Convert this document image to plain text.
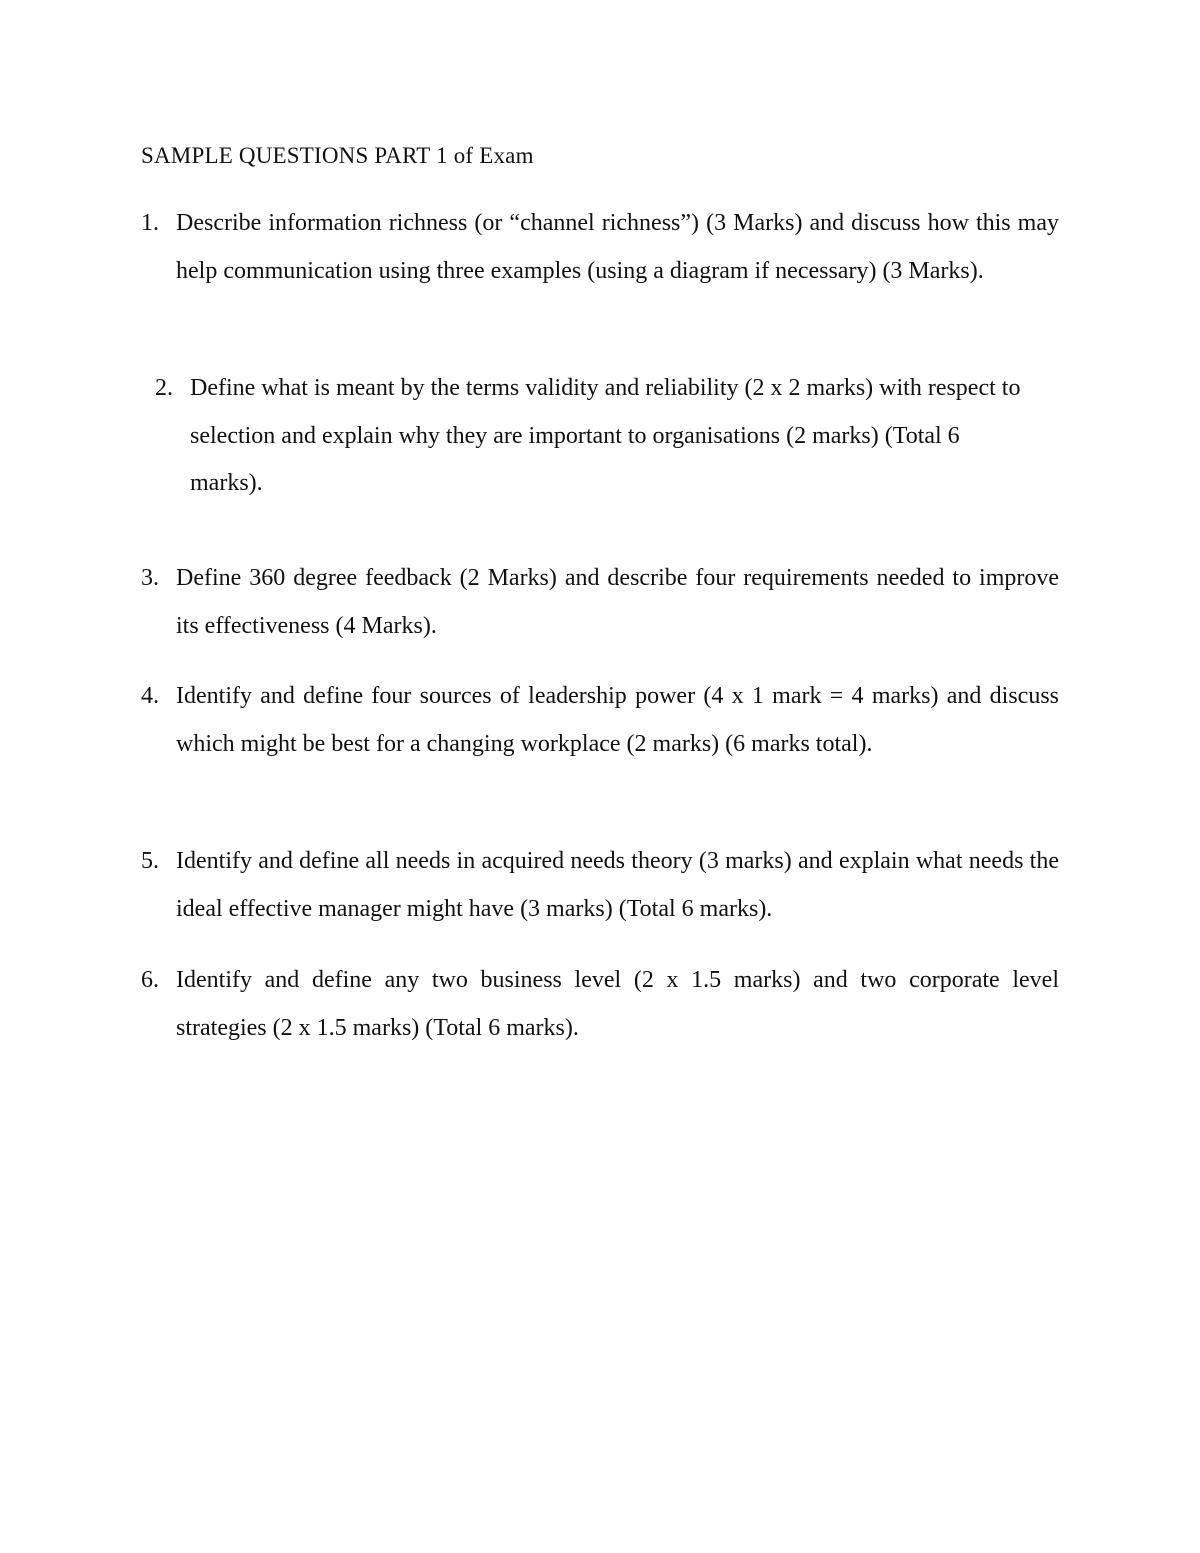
SAMPLE QUESTIONS PART 1 of Exam
1. Describe information richness (or “channel richness”) (3 Marks) and discuss how this may help communication using three examples (using a diagram if necessary) (3 Marks).
2. Define what is meant by the terms validity and reliability (2 x 2 marks) with respect to selection and explain why they are important to organisations (2 marks) (Total 6 marks).
3. Define 360 degree feedback (2 Marks) and describe four requirements needed to improve its effectiveness (4 Marks).
4. Identify and define four sources of leadership power (4 x 1 mark = 4 marks) and discuss which might be best for a changing workplace (2 marks) (6 marks total).
5. Identify and define all needs in acquired needs theory (3 marks) and explain what needs the ideal effective manager might have (3 marks) (Total 6 marks).
6. Identify and define any two business level (2 x 1.5 marks) and two corporate level strategies (2 x 1.5 marks) (Total 6 marks).
